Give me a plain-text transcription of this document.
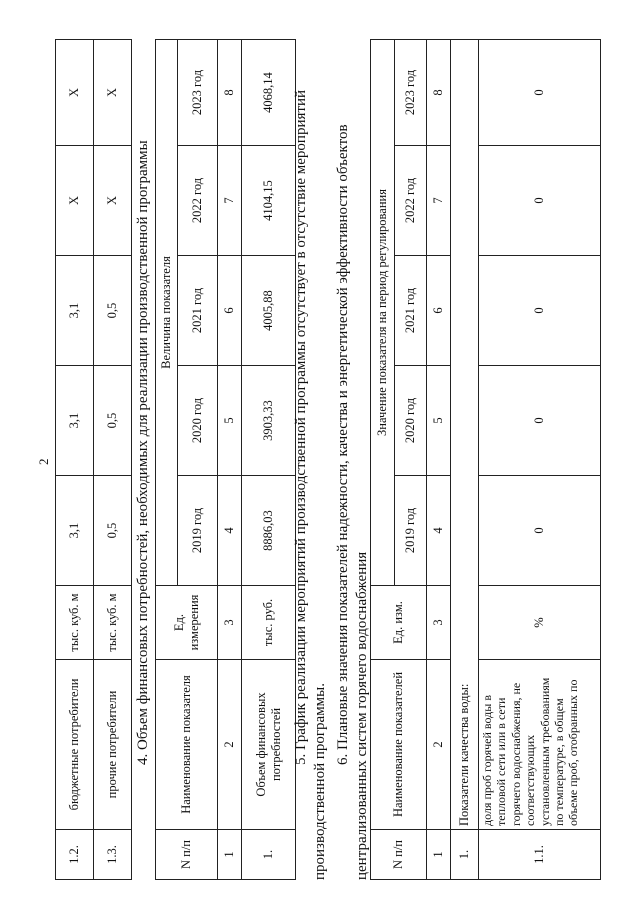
2
1.2.	бюджетные потребители	тыс. куб. м	3,1	3,1	3,1	X	X
1.3.	прочие потребители	тыс. куб. м	0,5	0,5	0,5	X	X
4. Объем финансовых потребностей, необходимых для реализации производственной программы
N п/п	Наименование показателя	Ед. измерения	Величина показателя				
			2019 год	2020 год	2021 год	2022 год	2023 год
1	2	3	4	5	6	7	8
1.	Объем финансовых потребностей	тыс. руб.	8886,03	3903,33	4005,88	4104,15	4068,14 5. График реализации мероприятий производственной программы отсутствует в отсутствие мероприятий производственной программы.
6. Плановые значения показателей надежности, качества и энергетической эффективности объектов централизованных систем горячего водоснабжения N п/п	Наименование показателей	Ед. изм.	Значение показателя на период регулирования				
			2019 год	2020 год	2021 год	2022 год	2023 год
1	2	3	4	5	6	7	8
1.	Показатели качества воды:						
1.1.	доля проб горячей воды в тепловой сети или в сети горячего водоснабжения, не соответствующих установленным требованиям по температуре, в общем объеме проб, отобранных по	%	0	0	0	0	0
